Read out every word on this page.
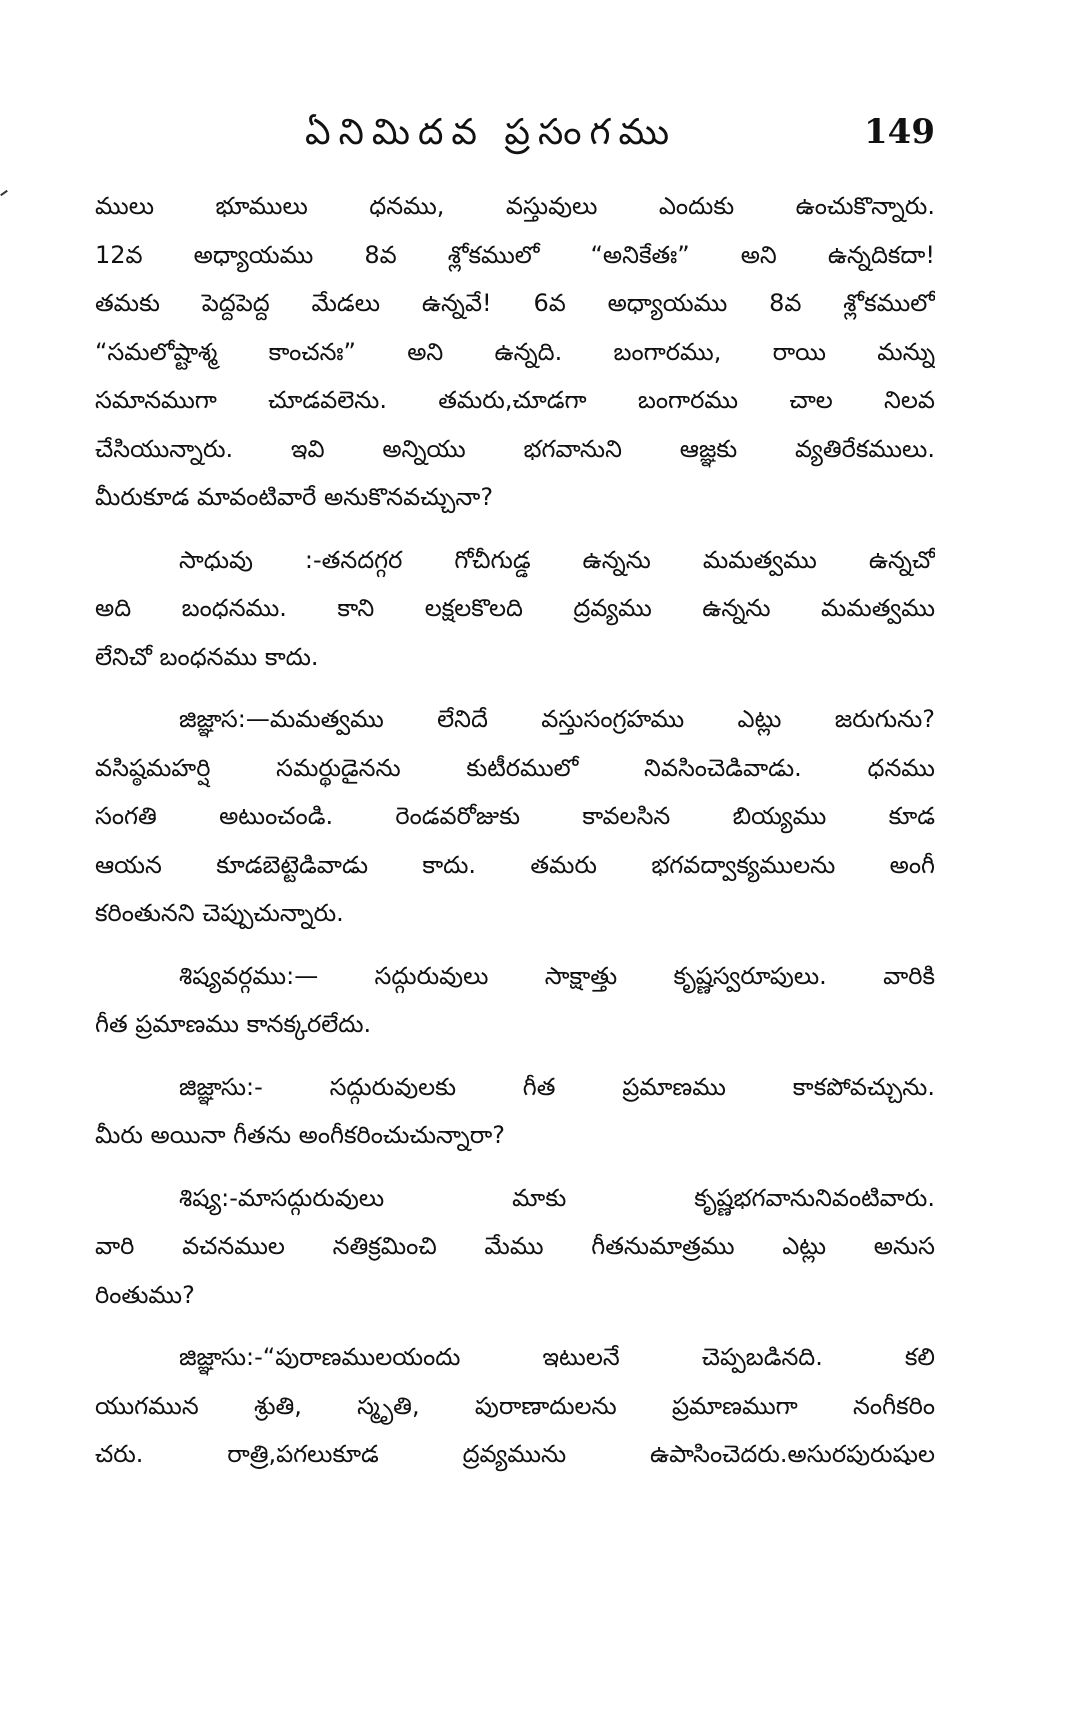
ఏనిమిదవ ప్రసంగము	149
ములు భూములు ధనము, వస్తువులు ఎందుకు ఉంచుకొన్నారు.
12వ అధ్యాయము 8వ శ్లోకములో “అనికేతః” అని ఉన్నదికదా!
తమకు పెద్దపెద్ద మేడలు ఉన్నవే! 6వ అధ్యాయము 8వ శ్లోకములో
“సమలోష్టాశ్మ కాంచనః” అని ఉన్నది. బంగారము, రాయి మన్ను
సమానముగా చూడవలెను. తమరు,చూడగా బంగారము చాల నిలవ
చేసియున్నారు. ఇవి అన్నియు భగవానుని ఆజ్ఞకు వ్యతిరేకములు.
మీరుకూడ మావంటివారే అనుకొనవచ్చునా?
సాధువు :-తనదగ్గర గోచీగుడ్డ ఉన్నను మమత్వము ఉన్నచో
అది బంధనము. కాని లక్షలకొలది ద్రవ్యము ఉన్నను మమత్వము
లేనిచో బంధనము కాదు.
జిజ్ఞాస:—మమత్వము లేనిదే వస్తుసంగ్రహము ఎట్లు జరుగును?
వసిష్ఠమహర్షి సమర్థుడైనను కుటీరములో నివసించెడివాడు. ధనము
సంగతి అటుంచండి. రెండవరోజుకు కావలసిన బియ్యము కూడ
ఆయన కూడబెట్టెడివాడు కాదు. తమరు భగవద్వాక్యములను అంగీ
కరింతునని చెప్పుచున్నారు.
శిష్యవర్గము:— సద్గురువులు సాక్షాత్తు కృష్ణస్వరూపులు. వారికి
గీత ప్రమాణము కానక్కరలేదు.
జిజ్ఞాసు:- సద్గురువులకు గీత ప్రమాణము కాకపోవచ్చును.
మీరు అయినా గీతను అంగీకరించుచున్నారా?
శిష్య:-మాసద్గురువులు మాకు కృష్ణభగవానునివంటివారు.
వారి వచనముల నతిక్రమించి మేము గీతనుమాత్రము ఎట్లు అనుస
రింతుము?
జిజ్ఞాసు:-“పురాణములయందు ఇటులనే చెప్పబడినది. కలి
యుగమున శ్రుతి, స్మృతి, పురాణాదులను ప్రమాణముగా నంగీకరిం
చరు. రాత్రి,పగలుకూడ ద్రవ్యమును ఉపాసించెదరు.అసురపురుషుల
